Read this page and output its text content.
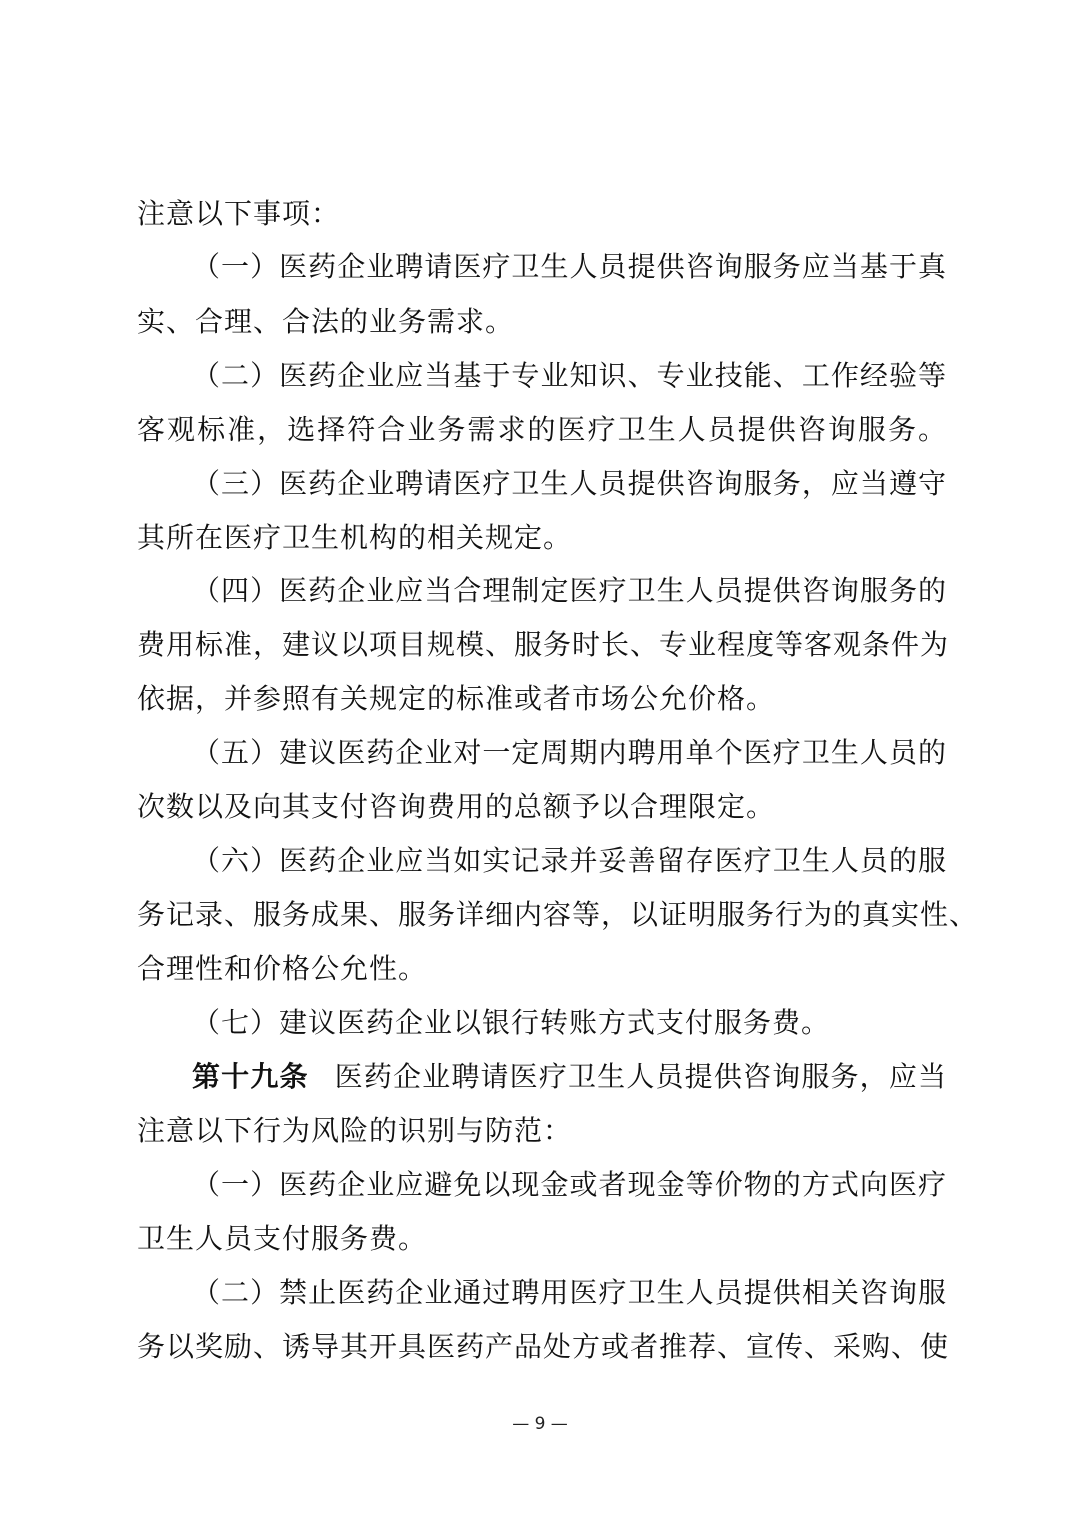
注意以下事项：
（一）医药企业聘请医疗卫生人员提供咨询服务应当基于真
实、合理、合法的业务需求。
（二）医药企业应当基于专业知识、专业技能、工作经验等
客观标准，选择符合业务需求的医疗卫生人员提供咨询服务。
（三）医药企业聘请医疗卫生人员提供咨询服务，应当遵守
其所在医疗卫生机构的相关规定。
（四）医药企业应当合理制定医疗卫生人员提供咨询服务的
费用标准，建议以项目规模、服务时长、专业程度等客观条件为
依据，并参照有关规定的标准或者市场公允价格。
（五）建议医药企业对一定周期内聘用单个医疗卫生人员的
次数以及向其支付咨询费用的总额予以合理限定。
（六）医药企业应当如实记录并妥善留存医疗卫生人员的服
务记录、服务成果、服务详细内容等，以证明服务行为的真实性、
合理性和价格公允性。
（七）建议医药企业以银行转账方式支付服务费。
第十九条 医药企业聘请医疗卫生人员提供咨询服务，应当
注意以下行为风险的识别与防范：
（一）医药企业应避免以现金或者现金等价物的方式向医疗
卫生人员支付服务费。
（二）禁止医药企业通过聘用医疗卫生人员提供相关咨询服
务以奖励、诱导其开具医药产品处方或者推荐、宣传、采购、使
— 9 —
